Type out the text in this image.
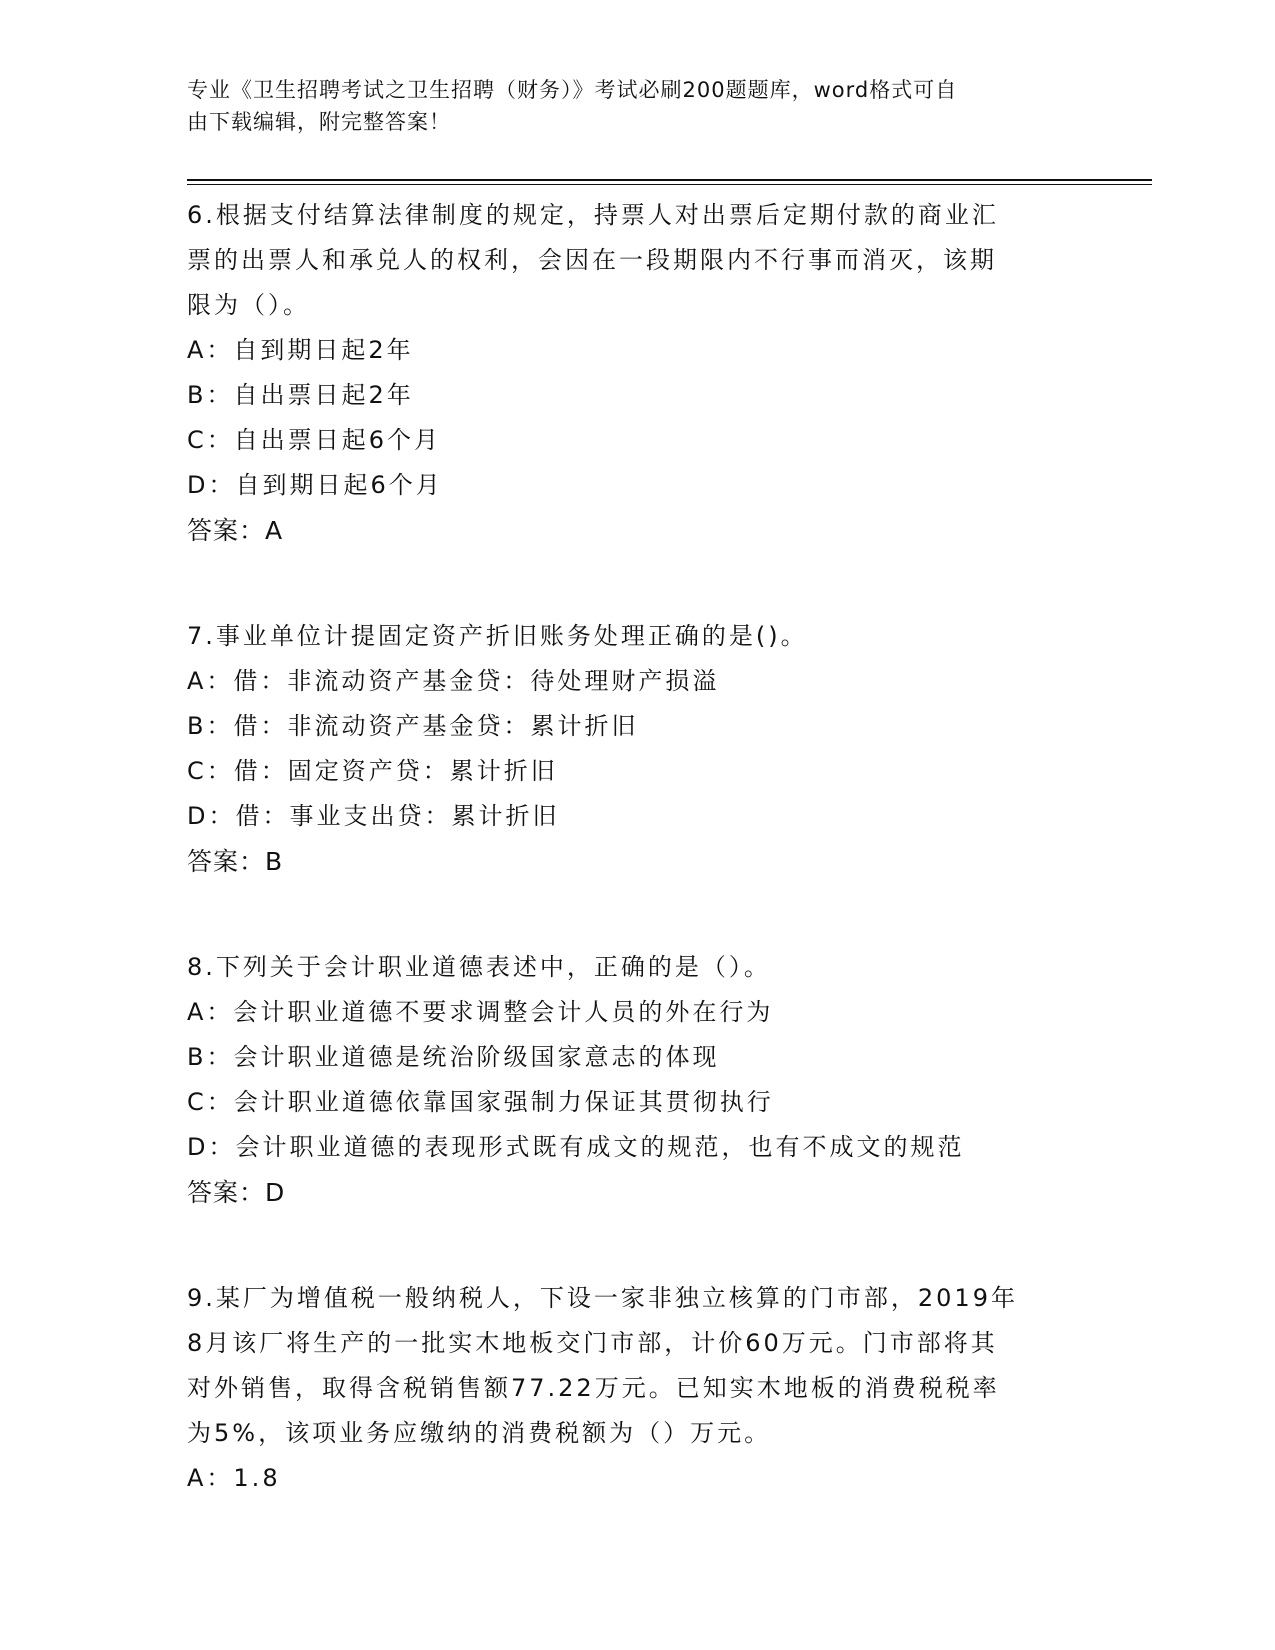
专业《卫生招聘考试之卫生招聘（财务）》考试必刷200题题库，word格式可自
由下载编辑，附完整答案！

6.根据支付结算法律制度的规定，持票人对出票后定期付款的商业汇

票的出票人和承兑人的权利，会因在一段期限内不行事而消灭，该期

限为（）。

A：自到期日起2年

B：自出票日起2年

C：自出票日起6个月

D：自到期日起6个月

答案：A

7.事业单位计提固定资产折旧账务处理正确的是()。

A：借：非流动资产基金贷：待处理财产损溢

B：借：非流动资产基金贷：累计折旧

C：借：固定资产贷：累计折旧

D：借：事业支出贷：累计折旧

答案：B

8.下列关于会计职业道德表述中，正确的是（）。

A：会计职业道德不要求调整会计人员的外在行为

B：会计职业道德是统治阶级国家意志的体现

C：会计职业道德依靠国家强制力保证其贯彻执行

D：会计职业道德的表现形式既有成文的规范，也有不成文的规范

答案：D

9.某厂为增值税一般纳税人，下设一家非独立核算的门市部，2019年

8月该厂将生产的一批实木地板交门市部，计价60万元。门市部将其

对外销售，取得含税销售额77.22万元。已知实木地板的消费税税率

为5%，该项业务应缴纳的消费税额为（）万元。

A：1.8
